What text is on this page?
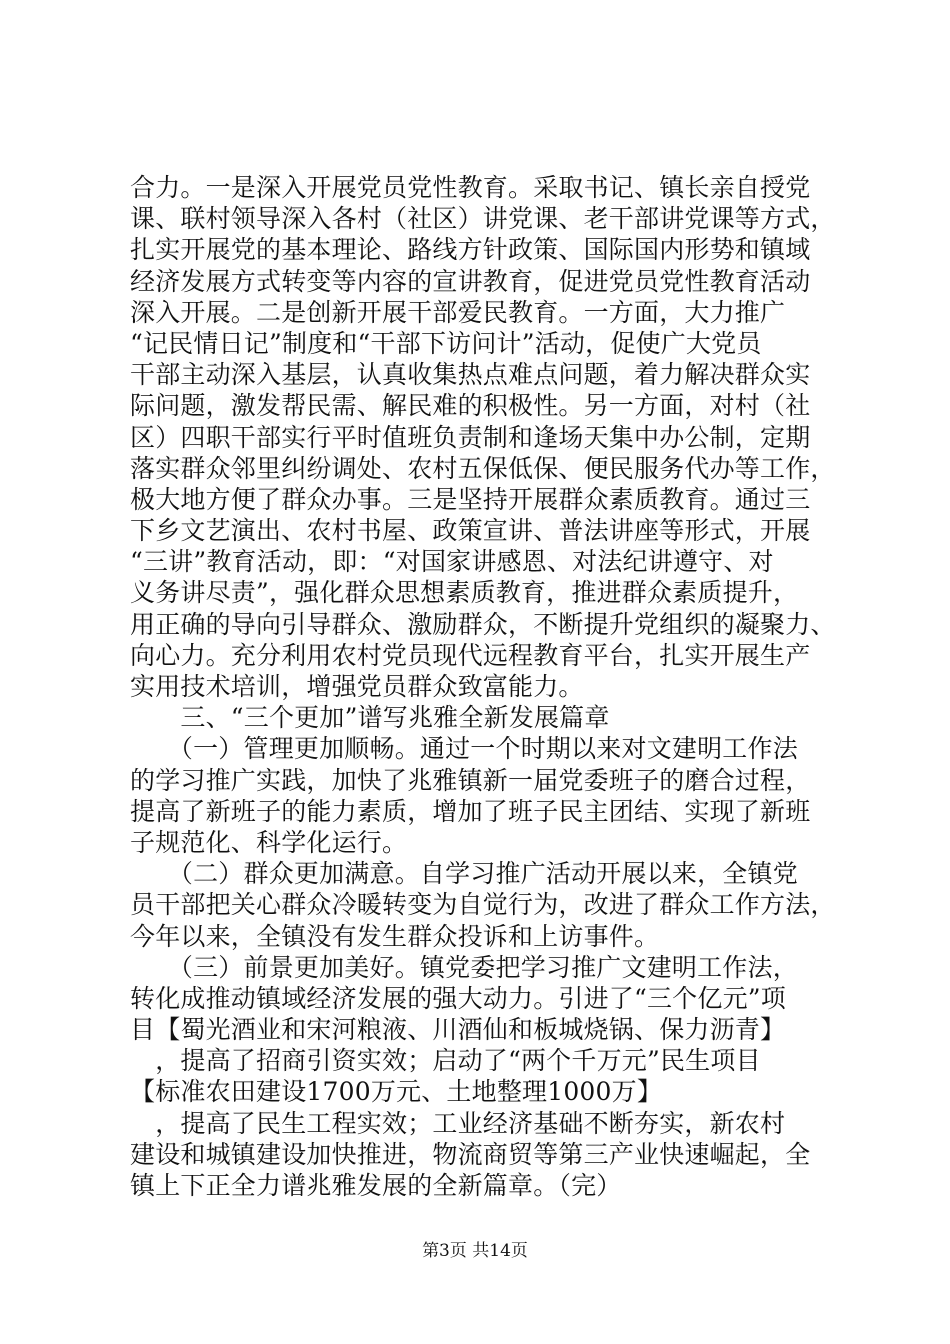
合力。一是深入开展党员党性教育。采取书记、镇长亲自授党
课、联村领导深入各村（社区）讲党课、老干部讲党课等方式，
扎实开展党的基本理论、路线方针政策、国际国内形势和镇域
经济发展方式转变等内容的宣讲教育，促进党员党性教育活动
深入开展。二是创新开展干部爱民教育。一方面，大力推广
“记民情日记”制度和“干部下访问计”活动，促使广大党员
干部主动深入基层，认真收集热点难点问题，着力解决群众实
际问题，激发帮民需、解民难的积极性。另一方面，对村（社
区）四职干部实行平时值班负责制和逢场天集中办公制，定期
落实群众邻里纠纷调处、农村五保低保、便民服务代办等工作，
极大地方便了群众办事。三是坚持开展群众素质教育。通过三
下乡文艺演出、农村书屋、政策宣讲、普法讲座等形式，开展
“三讲”教育活动，即：“对国家讲感恩、对法纪讲遵守、对
义务讲尽责”，强化群众思想素质教育，推进群众素质提升，
用正确的导向引导群众、激励群众，不断提升党组织的凝聚力、
向心力。充分利用农村党员现代远程教育平台，扎实开展生产
实用技术培训，增强党员群众致富能力。
　　三、“三个更加”谱写兆雅全新发展篇章
　　（一）管理更加顺畅。通过一个时期以来对文建明工作法
的学习推广实践，加快了兆雅镇新一届党委班子的磨合过程，
提高了新班子的能力素质，增加了班子民主团结、实现了新班
子规范化、科学化运行。
　　（二）群众更加满意。自学习推广活动开展以来，全镇党
员干部把关心群众冷暖转变为自觉行为，改进了群众工作方法，
今年以来，全镇没有发生群众投诉和上访事件。
　　（三）前景更加美好。镇党委把学习推广文建明工作法，
转化成推动镇域经济发展的强大动力。引进了“三个亿元”项
目【蜀光酒业和宋河粮液、川酒仙和板城烧锅、保力沥青】
　，提高了招商引资实效；启动了“两个千万元”民生项目
【标准农田建设1700万元、土地整理1000万】
　，提高了民生工程实效；工业经济基础不断夯实，新农村
建设和城镇建设加快推进，物流商贸等第三产业快速崛起，全
镇上下正全力谱兆雅发展的全新篇章。（完）
第3页 共14页
